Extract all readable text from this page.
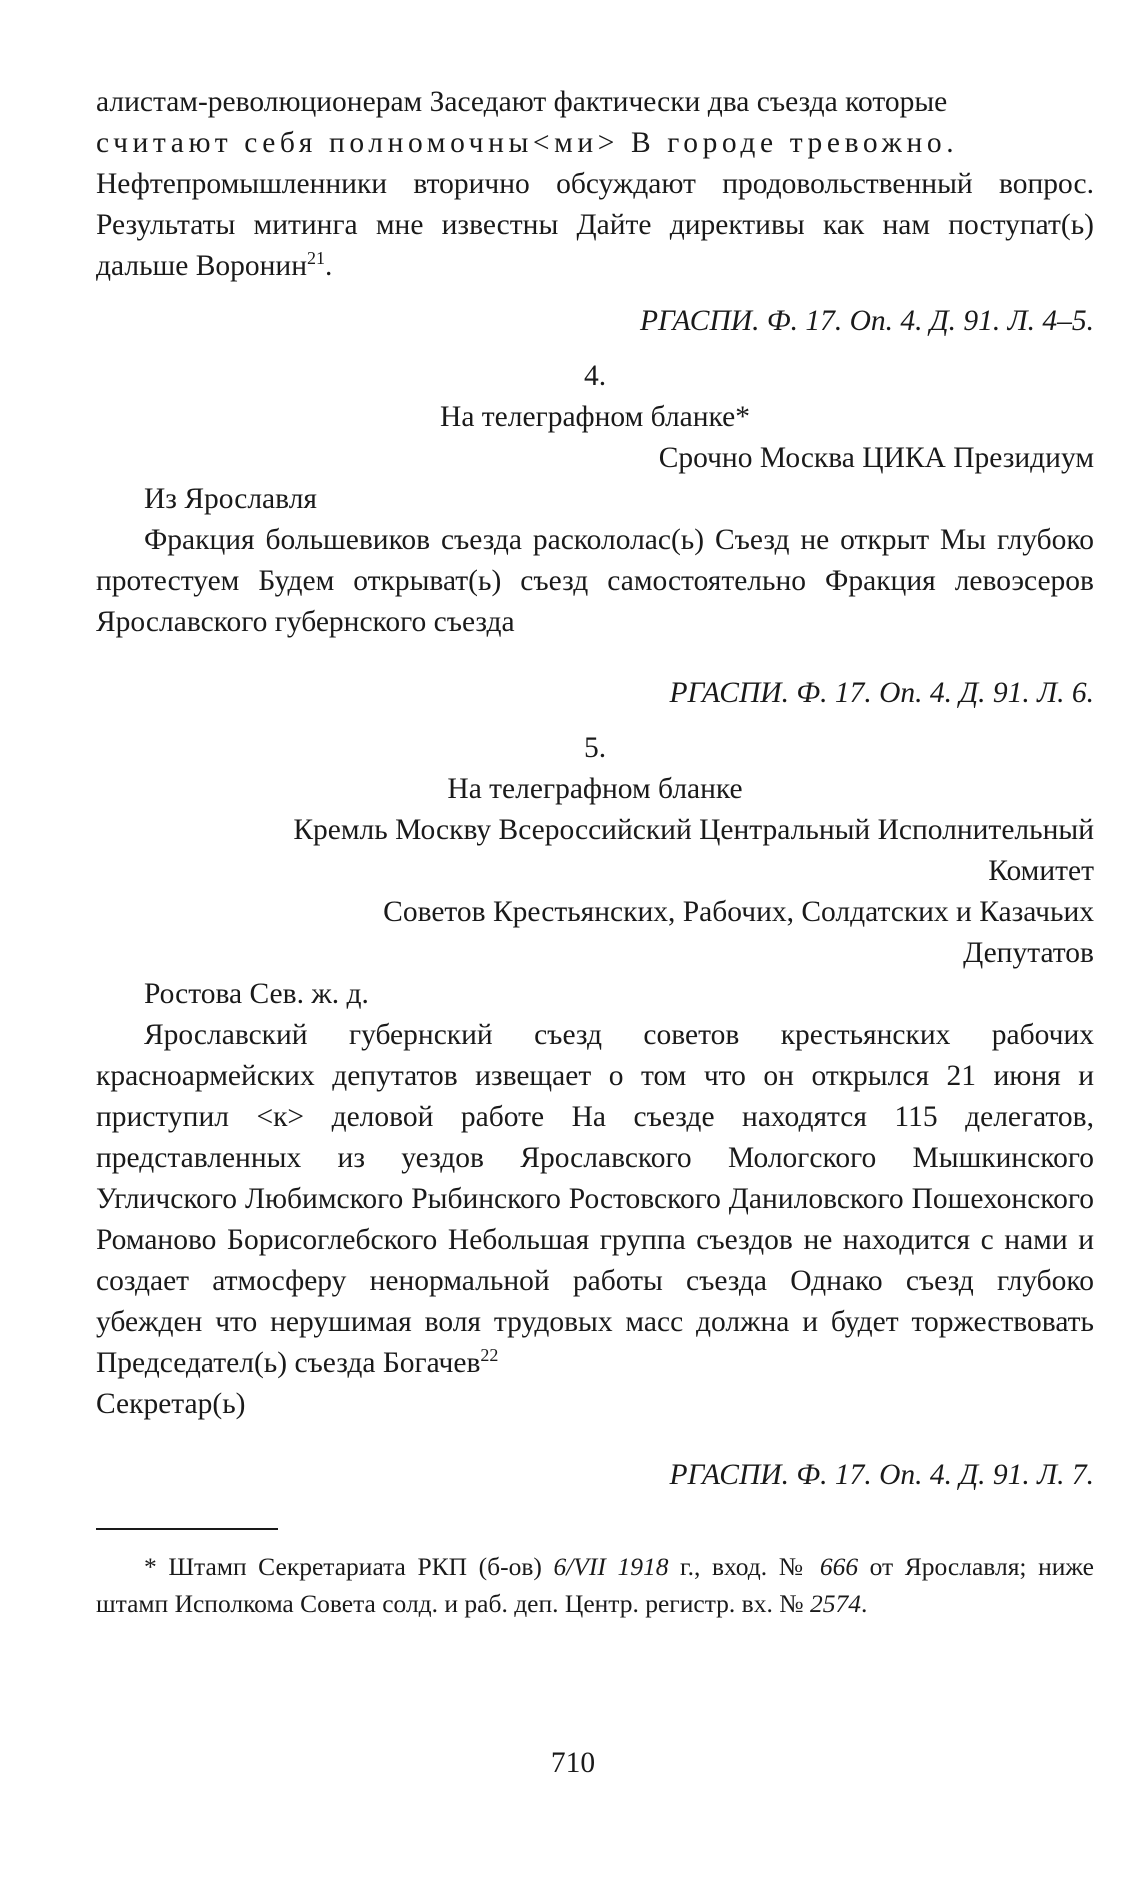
алистам-революционерам Заседают фактически два съезда которые

считают себя полномочны<ми> В городе тревожно.

Нефтепромышленники вторично обсуждают продовольственный вопрос. Результаты митинга мне известны Дайте директивы как нам поступат(ь) дальше Воронин$^{21}$.

РГАСПИ. Ф. 17. Оп. 4. Д. 91. Л. 4–5.

4.

На телеграфном бланке*

Срочно Москва ЦИКА Президиум

Из Ярославля

Фракция большевиков съезда раскололас(ь) Съезд не открыт Мы глубоко протестуем Будем открыват(ь) съезд самостоятельно Фракция левоэсеров Ярославского губернского съезда

РГАСПИ. Ф. 17. Оп. 4. Д. 91. Л. 6.

5.

На телеграфном бланке

Кремль Москву Всероссийский Центральный Исполнительный

Комитет

Советов Крестьянских, Рабочих, Солдатских и Казачьих

Депутатов

Ростова Сев. ж. д.

Ярославский губернский съезд советов крестьянских рабочих красноармейских депутатов извещает о том что он открылся 21 июня и приступил <к> деловой работе На съезде находятся 115 делегатов, представленных из уездов Ярославского Мологского Мышкинского Угличского Любимского Рыбинского Ростовского Даниловского Пошехонского Романово Борисоглебского Небольшая группа съездов не находится с нами и создает атмосферу ненормальной работы съезда Однако съезд глубоко убежден что нерушимая воля трудовых масс должна и будет торжествовать Председател(ь) съезда Богачев$^{22}$

Секретар(ь)

РГАСПИ. Ф. 17. Оп. 4. Д. 91. Л. 7.

* Штамп Секретариата РКП (б-ов) 6/VII 1918 г., вход. № 666 от Ярославля; ниже штамп Исполкома Совета солд. и раб. деп. Центр. регистр. вх. № 2574.

710
